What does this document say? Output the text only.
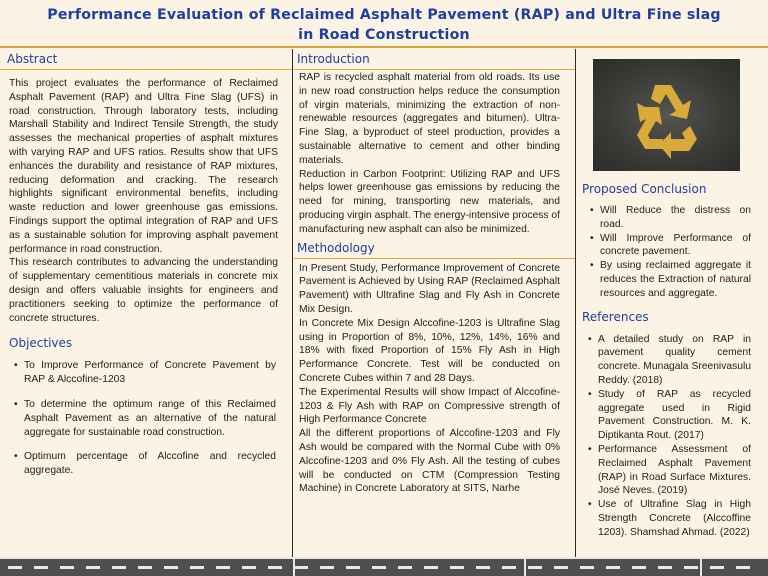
Performance Evaluation of Reclaimed Asphalt Pavement (RAP) and Ultra Fine slag
in Road Construction
Abstract

This project evaluates the performance of Reclaimed Asphalt Pavement (RAP) and Ultra Fine Slag (UFS) in road construction. Through laboratory tests, including Marshall Stability and Indirect Tensile Strength, the study assesses the mechanical properties of asphalt mixtures with varying RAP and UFS ratios. Results show that UFS enhances the durability and resistance of RAP mixtures, reducing deformation and cracking. The research highlights significant environmental benefits, including waste reduction and lower greenhouse gas emissions. Findings support the optimal integration of RAP and UFS as a sustainable solution for improving asphalt pavement performance in road construction.

This research contributes to advancing the understanding of supplementary cementitious materials in concrete mix design and offers valuable insights for engineers and practitioners seeking to optimize the performance of concrete structures.

Objectives
• To Improve Performance of Concrete Pavement by RAP & Alccofine-1203
• To determine the optimum range of this Reclaimed Asphalt Pavement as an alternative of the natural aggregate for sustainable road construction.
• Optimum percentage of Alccofine and recycled aggregate.
Introduction

RAP is recycled asphalt material from old roads. Its use in new road construction helps reduce the consumption of virgin materials, minimizing the extraction of non-renewable resources (aggregates and bitumen). Ultra-Fine Slag, a byproduct of steel production, provides a sustainable alternative to cement and other binding materials.

Reduction in Carbon Footprint: Utilizing RAP and UFS helps lower greenhouse gas emissions by reducing the need for mining, transporting new materials, and producing virgin asphalt. The energy-intensive process of manufacturing new asphalt can also be minimized.

Methodology

In Present Study, Performance Improvement of Concrete Pavement is Achieved by Using RAP (Reclaimed Asphalt Pavement) with Ultrafine Slag and Fly Ash in Concrete Mix Design.

In Concrete Mix Design Alccofine-1203 is Ultrafine Slag using in Proportion of 8%, 10%, 12%, 14%, 16% and 18% with fixed Proportion of 15% Fly Ash in High Performance Concrete. Test will be conducted on Concrete Cubes within 7 and 28 Days.

The Experimental Results will show Impact of Alccofine-1203 & Fly Ash with RAP on Compressive strength of High Performance Concrete

All the different proportions of Alccofine-1203 and Fly Ash would be compared with the Normal Cube with 0% Alccofine-1203 and 0% Fly Ash. All the testing of cubes will be conducted on CTM (Compression Testing Machine) in Concrete Laboratory at SITS, Narhe

Proposed Conclusion
• Will Reduce the distress on road.
• Will Improve Performance of concrete pavement.
• By using reclaimed aggregate it reduces the Extraction of natural resources and aggregate.
References
• A detailed study on RAP in pavement quality cement concrete. Munagala Sreenivasulu Reddy. (2018)
• Study of RAP as recycled aggregate used in Rigid Pavement Construction. M. K. Diptikanta Rout. (2017)
• Performance Assessment of Reclaimed Asphalt Pavement (RAP) in Road Surface Mixtures. José Neves. (2019)
• Use of Ultrafine Slag in High Strength Concrete (Alccoffine 1203). Shamshad Ahmad. (2022)
